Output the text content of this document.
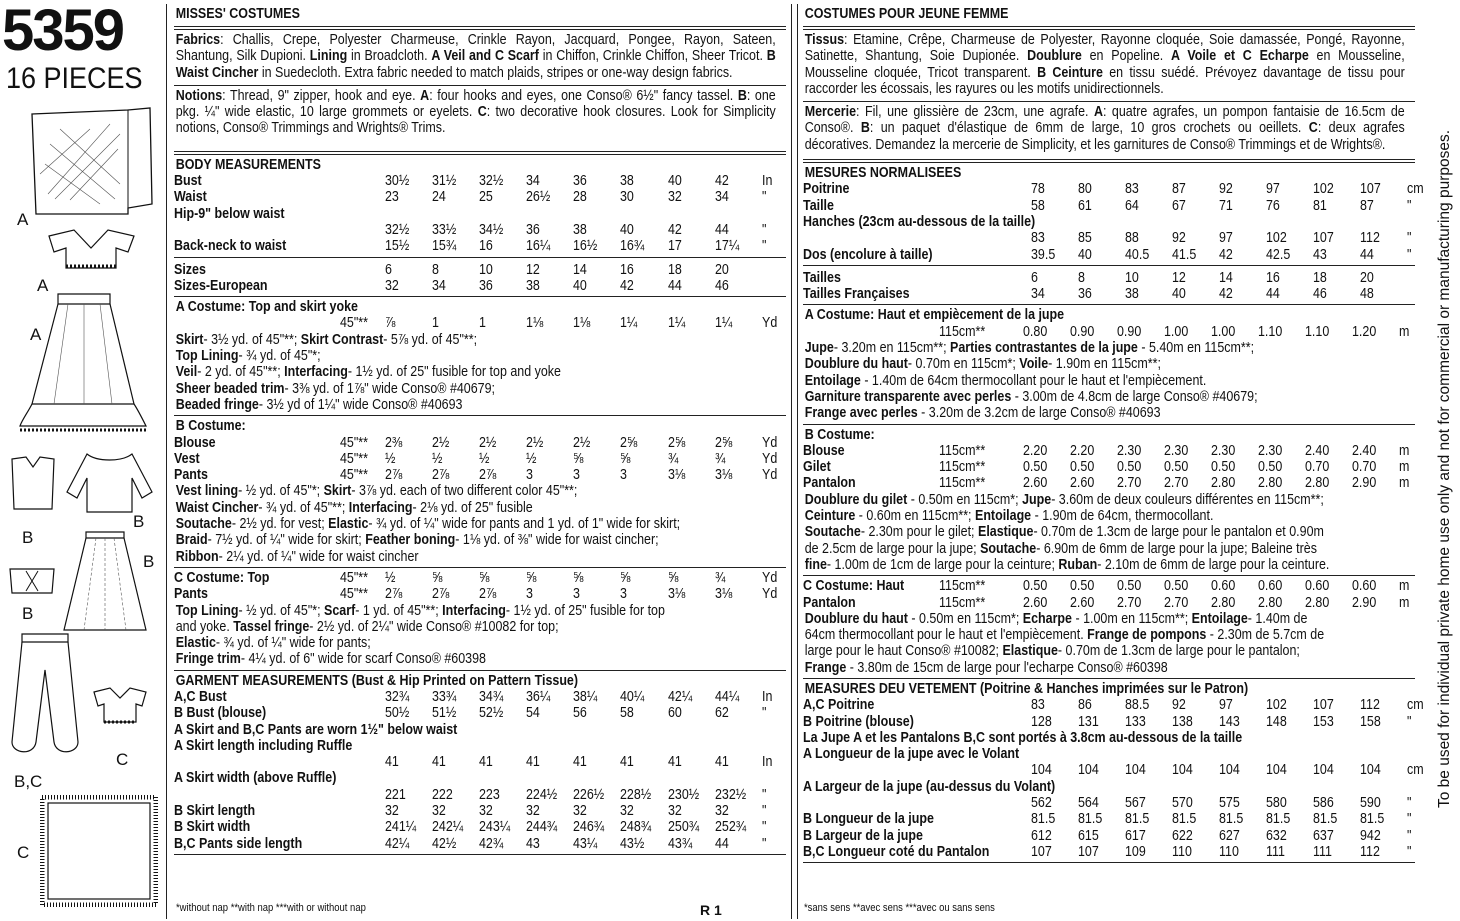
5359
16 PIECES
A
A
A
B
B
B
B
C
B,C
C
MISSES' COSTUMES
Fabrics: Challis, Crepe, Polyester Charmeuse, Crinkle Rayon, Jacquard, Pongee, Rayon, Sateen, Shantung, Silk Dupioni. Lining in Broadcloth. A Veil and C Scarf in Chiffon, Crinkle Chiffon, Sheer Tricot. B Waist Cincher in Suedecloth. Extra fabric needed to match plaids, stripes or one-way design fabrics.
Notions: Thread, 9" zipper, hook and eye. A: four hooks and eyes, one Conso® 6½" fancy tassel. B: one pkg. ¼" wide elastic, 10 large grommets or eyelets. C: two decorative hook closures. Look for Simplicity notions, Conso® Trimmings and Wrights® Trims.
BODY MEASUREMENTS
Bust	30½	31½	32½	34	36	38	40	42	In
Waist	23	24	25	26½	28	30	32	34	"
Hip-9" below waist									
	32½	33½	34½	36	38	40	42	44	"
Back-neck to waist	15½	15¾	16	16¼	16½	16¾	17	17¼	"
Sizes	6	8	10	12	14	16	18	20	
Sizes-European	32	34	36	38	40	42	44	46	
A Costume: Top and skirt yoke
	45"**	⅞	1	1	1⅛	1⅛	1¼	1¼	1¼	Yd
Skirt- 3½ yd. of 45"**; Skirt Contrast- 5⅞ yd. of 45"**;
Top Lining- ¾ yd. of 45"*;
Veil- 2 yd. of 45"**; Interfacing- 1½ yd. of 25" fusible for top and yoke
Sheer beaded trim- 3⅜ yd. of 1⅞" wide Conso® #40679;
Beaded fringe- 3½ yd of 1¼" wide Conso® #40693
B Costume:
Blouse	45"**	2⅜	2½	2½	2½	2½	2⅝	2⅝	2⅝	Yd
Vest	45"**	½	½	½	½	⅝	⅝	¾	¾	Yd
Pants	45"**	2⅞	2⅞	2⅞	3	3	3	3⅛	3⅛	Yd
Vest lining- ½ yd. of 45"*; Skirt- 3⅞ yd. each of two different color 45"**;
Waist Cincher- ¾ yd. of 45"**; Interfacing- 2⅛ yd. of 25" fusible
Soutache- 2½ yd. for vest; Elastic- ¾ yd. of ¼" wide for pants and 1 yd. of 1" wide for skirt;
Braid- 7½ yd. of ¼" wide for skirt; Feather boning- 1⅛ yd. of ⅜" wide for waist cincher;
Ribbon- 2¼ yd. of ¼" wide for waist cincher
C Costume: Top	45"**	½	⅝	⅝	⅝	⅝	⅝	⅝	¾	Yd
Pants	45"**	2⅞	2⅞	2⅞	3	3	3	3⅛	3⅛	Yd
Top Lining- ½ yd. of 45"*; Scarf- 1 yd. of 45"**; Interfacing- 1½ yd. of 25" fusible for top
and yoke. Tassel fringe- 2½ yd. of 2¼" wide Conso® #10082 for top;
Elastic- ¾ yd. of ¼" wide for pants;
Fringe trim- 4¼ yd. of 6" wide for scarf Conso® #60398
GARMENT MEASUREMENTS (Bust & Hip Printed on Pattern Tissue)
A,C Bust	32¾	33¾	34¾	36¼	38¼	40¼	42¼	44¼	In
B Bust (blouse)	50½	51½	52½	54	56	58	60	62	"
A Skirt and B,C Pants are worn 1½" below waist									
A Skirt length including Ruffle									
	41	41	41	41	41	41	41	41	In
A Skirt width (above Ruffle)									
	221	222	223	224½	226½	228½	230½	232½	"
B Skirt length	32	32	32	32	32	32	32	32	"
B Skirt width	241¼	242¼	243¼	244¾	246¾	248¾	250¾	252¾	"
B,C Pants side length	42¼	42½	42¾	43	43¼	43½	43¾	44	"
COSTUMES POUR JEUNE FEMME
Tissus: Etamine, Crêpe, Charmeuse de Polyester, Rayonne cloquée, Soie damassée, Pongé, Rayonne, Satinette, Shantung, Soie Dupionée. Doublure en Popeline. A Voile et C Echarpe en Mousseline, Mousseline cloquée, Tricot transparent. B Ceinture en tissu suédé. Prévoyez davantage de tissu pour raccorder les écossais, les rayures ou les motifs unidirectionnels.
Mercerie: Fil, une glissière de 23cm, une agrafe. A: quatre agrafes, un pompon fantaisie de 16.5cm de Conso®. B: un paquet d'élastique de 6mm de large, 10 gros crochets ou oeillets. C: deux agrafes décoratives. Demandez la mercerie de Simplicity, et les garnitures de Conso® Trimmings et de Wrights®.
MESURES NORMALISEES
Poitrine	78	80	83	87	92	97	102	107	cm
Taille	58	61	64	67	71	76	81	87	"
Hanches (23cm au-dessous de la taille)									
	83	85	88	92	97	102	107	112	"
Dos (encolure à taille)	39.5	40	40.5	41.5	42	42.5	43	44	"
Tailles	6	8	10	12	14	16	18	20	
Tailles Françaises	34	36	38	40	42	44	46	48	
A Costume: Haut et empiècement de la jupe
	115cm**	0.80	0.90	0.90	1.00	1.00	1.10	1.10	1.20	m
Jupe- 3.20m en 115cm**; Parties contrastantes de la jupe - 5.40m en 115cm**;
Doublure du haut- 0.70m en 115cm*; Voile- 1.90m en 115cm**;
Entoilage - 1.40m de 64cm thermocollant pour le haut et l'empiècement.
Garniture transparente avec perles - 3.00m de 4.8cm de large Conso® #40679;
Frange avec perles - 3.20m de 3.2cm de large Conso® #40693
B Costume:
Blouse	115cm**	2.20	2.20	2.30	2.30	2.30	2.30	2.40	2.40	m
Gilet	115cm**	0.50	0.50	0.50	0.50	0.50	0.50	0.70	0.70	m
Pantalon	115cm**	2.60	2.60	2.70	2.70	2.80	2.80	2.80	2.90	m
Doublure du gilet - 0.50m en 115cm*; Jupe- 3.60m de deux couleurs différentes en 115cm**;
Ceinture - 0.60m en 115cm**; Entoilage - 1.90m de 64cm, thermocollant.
Soutache- 2.30m pour le gilet; Elastique- 0.70m de 1.3cm de large pour le pantalon et 0.90m
de 2.5cm de large pour la jupe; Soutache- 6.90m de 6mm de large pour la jupe; Baleine très
fine- 1.00m de 1cm de large pour la ceinture; Ruban- 2.10m de 6mm de large pour la ceinture.
C Costume: Haut	115cm**	0.50	0.50	0.50	0.50	0.60	0.60	0.60	0.60	m
Pantalon	115cm**	2.60	2.60	2.70	2.70	2.80	2.80	2.80	2.90	m
Doublure du haut - 0.50m en 115cm*; Echarpe - 1.00m en 115cm**; Entoilage- 1.40m de
64cm thermocollant pour le haut et l'empiècement. Frange de pompons - 2.30m de 5.7cm de
large pour le haut Conso® #10082; Elastique- 0.70m de 1.3cm de large pour le pantalon;
Frange - 3.80m de 15cm de large pour l'echarpe Conso® #60398
MEASURES DEU VETEMENT (Poitrine & Hanches imprimées sur le Patron)
A,C Poitrine	83	86	88.5	92	97	102	107	112	cm
B Poitrine (blouse)	128	131	133	138	143	148	153	158	"
La Jupe A et les Pantalons B,C sont portés à 3.8cm au-dessous de la taille									
A Longueur de la jupe avec le Volant									
	104	104	104	104	104	104	104	104	cm
A Largeur de la jupe (au-dessus du Volant)									
	562	564	567	570	575	580	586	590	"
B Longueur de la jupe	81.5	81.5	81.5	81.5	81.5	81.5	81.5	81.5	"
B Largeur de la jupe	612	615	617	622	627	632	637	942	"
B,C Longueur coté du Pantalon	107	107	109	110	110	111	111	112	"
*without nap **with nap ***with or without nap	R 1	*sans sens **avec sens ***avec ou sans sens
To be used for individual private home use only and not for commercial or manufacturing purposes.
